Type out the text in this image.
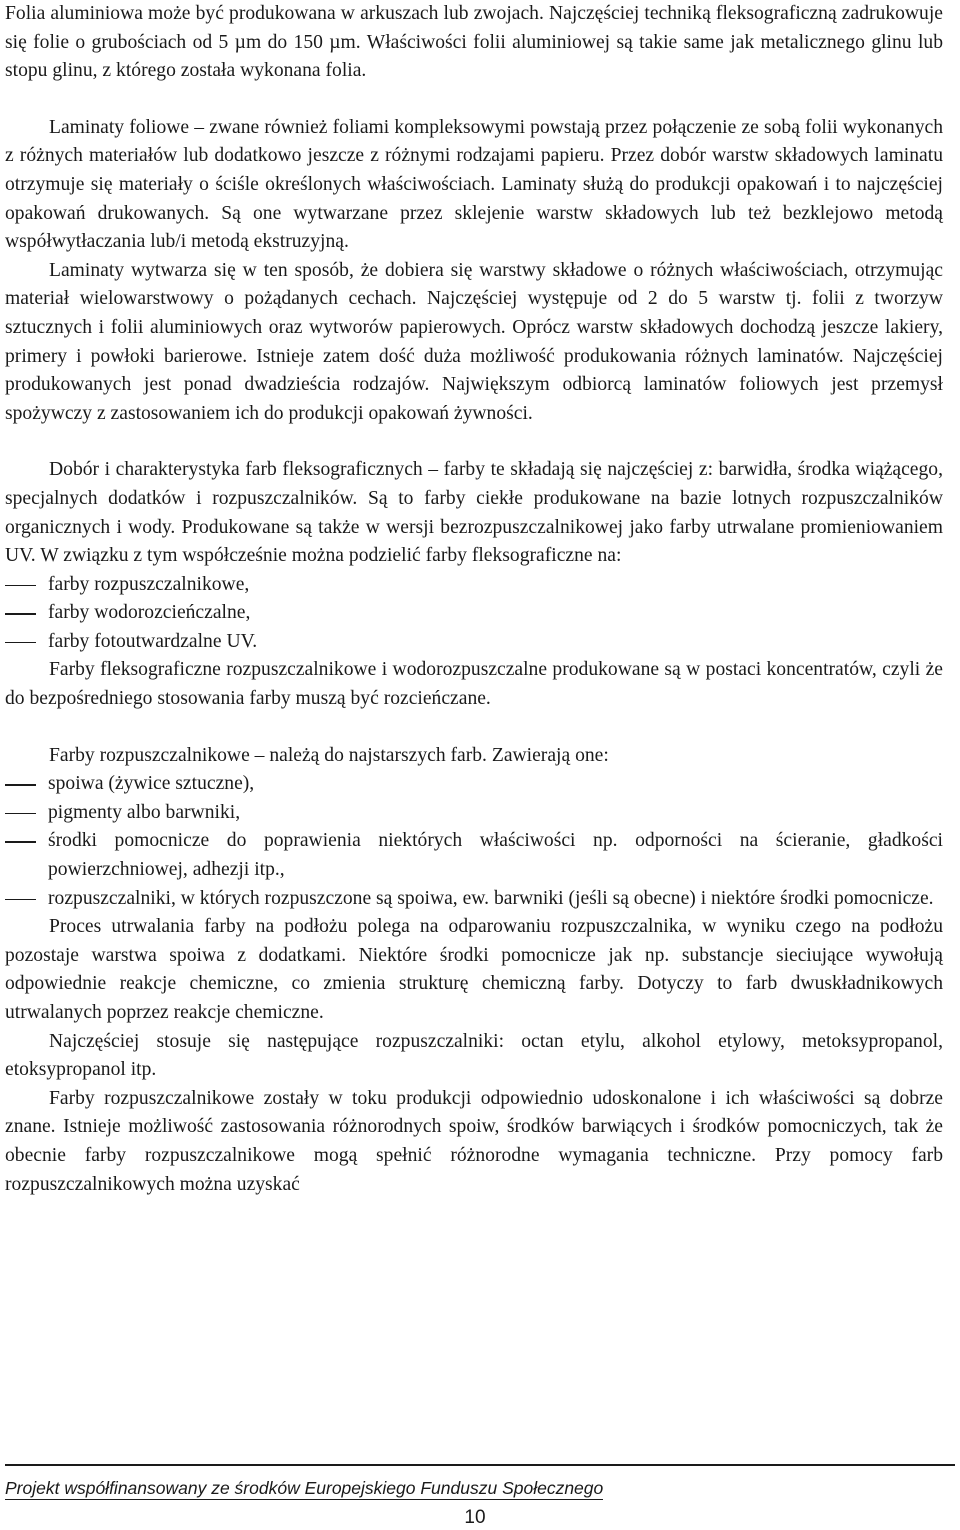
Folia aluminiowa może być produkowana w arkuszach lub zwojach. Najczęściej techniką fleksograficzną zadrukowuje się folie o grubościach od 5 µm do 150 µm. Właściwości folii aluminiowej są takie same jak metalicznego glinu lub stopu glinu, z którego została wykonana folia.

Laminaty foliowe – zwane również foliami kompleksowymi powstają przez połączenie ze sobą folii wykonanych z różnych materiałów lub dodatkowo jeszcze z różnymi rodzajami papieru. Przez dobór warstw składowych laminatu otrzymuje się materiały o ściśle określonych właściwościach. Laminaty służą do produkcji opakowań i to najczęściej opakowań drukowanych. Są one wytwarzane przez sklejenie warstw składowych lub też bezklejowo metodą współwytłaczania lub/i metodą ekstruzyjną.

Laminaty wytwarza się w ten sposób, że dobiera się warstwy składowe o różnych właściwościach, otrzymując materiał wielowarstwowy o pożądanych cechach. Najczęściej występuje od 2 do 5 warstw tj. folii z tworzyw sztucznych i folii aluminiowych oraz wytworów papierowych. Oprócz warstw składowych dochodzą jeszcze lakiery, primery i powłoki barierowe. Istnieje zatem dość duża możliwość produkowania różnych laminatów. Najczęściej produkowanych jest ponad dwadzieścia rodzajów. Największym odbiorcą laminatów foliowych jest przemysł spożywczy z zastosowaniem ich do produkcji opakowań żywności.

Dobór i charakterystyka farb fleksograficznych – farby te składają się najczęściej z: barwidła, środka wiążącego, specjalnych dodatków i rozpuszczalników. Są to farby ciekłe produkowane na bazie lotnych rozpuszczalników organicznych i wody. Produkowane są także w wersji bezrozpuszczalnikowej jako farby utrwalane promieniowaniem UV. W związku z tym współcześnie można podzielić farby fleksograficzne na:

farby rozpuszczalnikowe,
farby wodorozcieńczalne,
farby fotoutwardzalne UV.

Farby fleksograficzne rozpuszczalnikowe i wodorozpuszczalne produkowane są w postaci koncentratów, czyli że do bezpośredniego stosowania farby muszą być rozcieńczane.

Farby rozpuszczalnikowe – należą do najstarszych farb. Zawierają one:

spoiwa (żywice sztuczne),
pigmenty albo barwniki,
środki pomocnicze do poprawienia niektórych właściwości np. odporności na ścieranie, gładkości powierzchniowej, adhezji itp.,
rozpuszczalniki, w których rozpuszczone są spoiwa, ew. barwniki (jeśli są obecne) i niektóre środki pomocnicze.

Proces utrwalania farby na podłożu polega na odparowaniu rozpuszczalnika, w wyniku czego na podłożu pozostaje warstwa spoiwa z dodatkami. Niektóre środki pomocnicze jak np. substancje sieciujące wywołują odpowiednie reakcje chemiczne, co zmienia strukturę chemiczną farby. Dotyczy to farb dwuskładnikowych utrwalanych poprzez reakcje chemiczne.

Najczęściej stosuje się następujące rozpuszczalniki: octan etylu, alkohol etylowy, metoksypropanol, etoksypropanol itp.

Farby rozpuszczalnikowe zostały w toku produkcji odpowiednio udoskonalone i ich właściwości są dobrze znane. Istnieje możliwość zastosowania różnorodnych spoiw, środków barwiących i środków pomocniczych, tak że obecnie farby rozpuszczalnikowe mogą spełnić różnorodne wymagania techniczne. Przy pomocy farb rozpuszczalnikowych można uzyskać

Projekt współfinansowany ze środków Europejskiego Funduszu Społecznego
10
